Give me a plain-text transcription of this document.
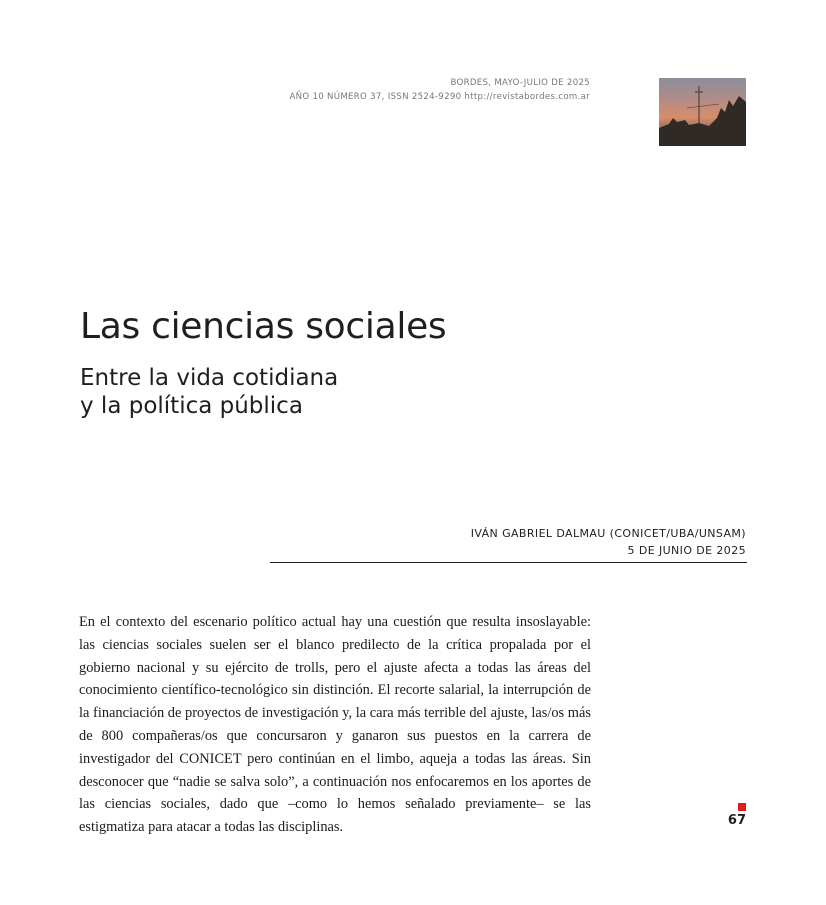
BORDES, MAYO-JULIO DE 2025
AÑO 10 NÚMERO 37, ISSN 2524-9290 http://revistabordes.com.ar
Las ciencias sociales
Entre la vida cotidiana
y la política pública
IVÁN GABRIEL DALMAU (CONICET/UBA/UNSAM)
5 DE JUNIO DE 2025

En el contexto del escenario político actual hay una cuestión que resulta insoslayable: las ciencias sociales suelen ser el blanco predilecto de la crítica propalada por el gobierno nacional y su ejército de trolls, pero el ajuste afecta a todas las áreas del conocimiento científico-tecnológico sin distinción. El recorte salarial, la interrupción de la financiación de proyectos de investigación y, la cara más terrible del ajuste, las/os más de 800 compañeras/os que concursaron y ganaron sus puestos en la carrera de investigador del CONICET pero continúan en el limbo, aqueja a todas las áreas. Sin desconocer que “nadie se salva solo”, a continuación nos enfocaremos en los aportes de las ciencias sociales, dado que –como lo hemos señalado previamente– se las estigmatiza para atacar a todas las disciplinas.	67
